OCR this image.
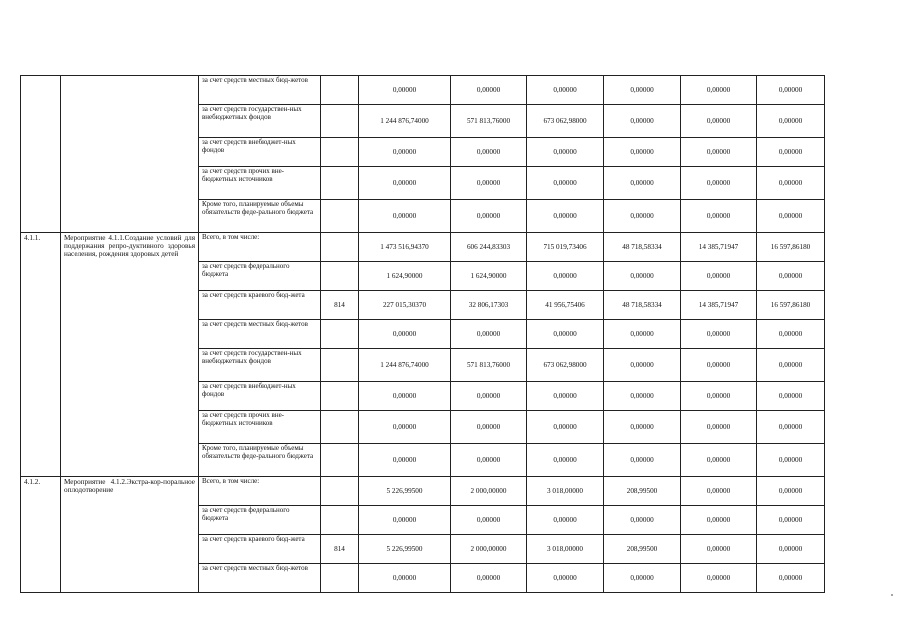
		за счет средств местных бюд-жетов		0,00000	0,00000	0,00000	0,00000	0,00000	0,00000
		за счет средств государствен-ных внебюджетных фондов		1 244 876,74000	571 813,76000	673 062,98000	0,00000	0,00000	0,00000
		за счет средств внебюджет-ных фондов		0,00000	0,00000	0,00000	0,00000	0,00000	0,00000
		за счет средств прочих вне-бюджетных источников		0,00000	0,00000	0,00000	0,00000	0,00000	0,00000
		Кроме того, планируемые объемы обязательств феде-рального бюджета		0,00000	0,00000	0,00000	0,00000	0,00000	0,00000
4.1.1.	Мероприятие 4.1.1.Создание условий для поддержания репро-дуктивного здоровья населения, рождения здоровых детей	Всего, в том числе:		1 473 516,94370	606 244,83303	715 019,73406	48 718,58334	14 385,71947	16 597,86180
		за счет средств федерального бюджета		1 624,90000	1 624,90000	0,00000	0,00000	0,00000	0,00000
		за счет средств краевого бюд-жета	814	227 015,30370	32 806,17303	41 956,75406	48 718,58334	14 385,71947	16 597,86180
		за счет средств местных бюд-жетов		0,00000	0,00000	0,00000	0,00000	0,00000	0,00000
		за счет средств государствен-ных внебюджетных фондов		1 244 876,74000	571 813,76000	673 062,98000	0,00000	0,00000	0,00000
		за счет средств внебюджет-ных фондов		0,00000	0,00000	0,00000	0,00000	0,00000	0,00000
		за счет средств прочих вне-бюджетных источников		0,00000	0,00000	0,00000	0,00000	0,00000	0,00000
		Кроме того, планируемые объемы обязательств феде-рального бюджета		0,00000	0,00000	0,00000	0,00000	0,00000	0,00000
4.1.2.	Мероприятие 4.1.2.Экстра-кор-поральное оплодотворение	Всего, в том числе:		5 226,99500	2 000,00000	3 018,00000	208,99500	0,00000	0,00000
		за счет средств федерального бюджета		0,00000	0,00000	0,00000	0,00000	0,00000	0,00000
		за счет средств краевого бюд-жета	814	5 226,99500	2 000,00000	3 018,00000	208,99500	0,00000	0,00000
		за счет средств местных бюд-жетов		0,00000	0,00000	0,00000	0,00000	0,00000	0,00000
